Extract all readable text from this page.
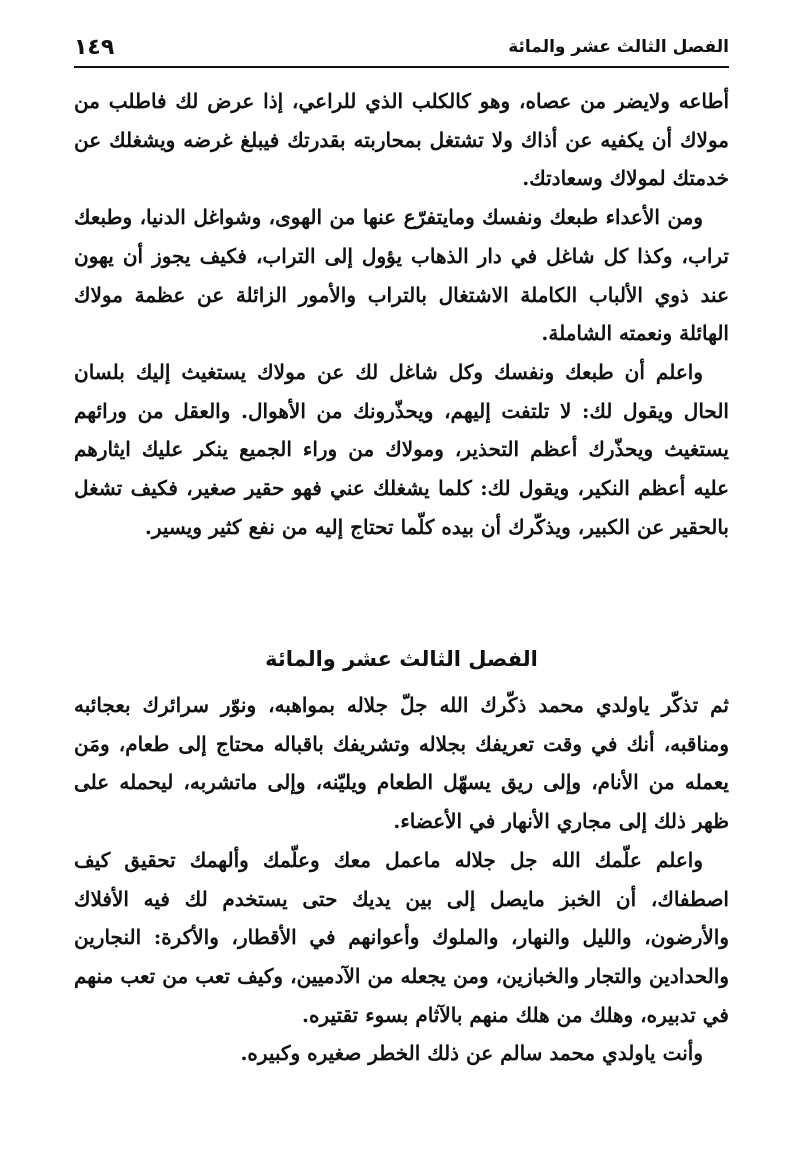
الفصل الثالث عشر والمائة
١٤٩

أطاعه ولايضر من عصاه، وهو كالكلب الذي للراعي، إذا عرض لك فاطلب من مولاك أن يكفيه عن أذاك ولا تشتغل بمحاربته بقدرتك فيبلغ غرضه ويشغلك عن خدمتك لمولاك وسعادتك.

ومن الأعداء طبعك ونفسك ومايتفرّع عنها من الهوى، وشواغل الدنيا، وطبعك تراب، وكذا كل شاغل في دار الذهاب يؤول إلى التراب، فكيف يجوز أن يهون عند ذوي الألباب الكاملة الاشتغال بالتراب والأمور الزائلة عن عظمة مولاك الهائلة ونعمته الشاملة.

واعلم أن طبعك ونفسك وكل شاغل لك عن مولاك يستغيث إليك بلسان الحال ويقول لك: لا تلتفت إليهم، ويحذّرونك من الأهوال. والعقل من ورائهم يستغيث ويحذّرك أعظم التحذير، ومولاك من وراء الجميع ينكر عليك ايثارهم عليه أعظم النكير، ويقول لك: كلما يشغلك عني فهو حقير صغير، فكيف تشغل بالحقير عن الكبير، ويذكّرك أن بيده كلّما تحتاج إليه من نفع كثير ويسير.

الفصل الثالث عشر والمائة

ثم تذكّر ياولدي محمد ذكّرك الله جلّ جلاله بمواهبه، ونوّر سرائرك بعجائبه ومناقبه، أنك في وقت تعريفك بجلاله وتشريفك باقباله محتاج إلى طعام، ومَن يعمله من الأنام، وإلى ريق يسهّل الطعام ويليّنه، وإلى ماتشربه، ليحمله على ظهر ذلك إلى مجاري الأنهار في الأعضاء.

واعلم علّمك الله جل جلاله ماعمل معك وعلّمك وألهمك تحقيق كيف اصطفاك، أن الخبز مايصل إلى بين يديك حتى يستخدم لك فيه الأفلاك والأرضون، والليل والنهار، والملوك وأعوانهم في الأقطار، والأكرة: النجارين والحدادين والتجار والخبازين، ومن يجعله من الآدميين، وكيف تعب من تعب منهم في تدبيره، وهلك من هلك منهم بالآثام بسوء تقتيره.

وأنت ياولدي محمد سالم عن ذلك الخطر صغيره وكبيره.
